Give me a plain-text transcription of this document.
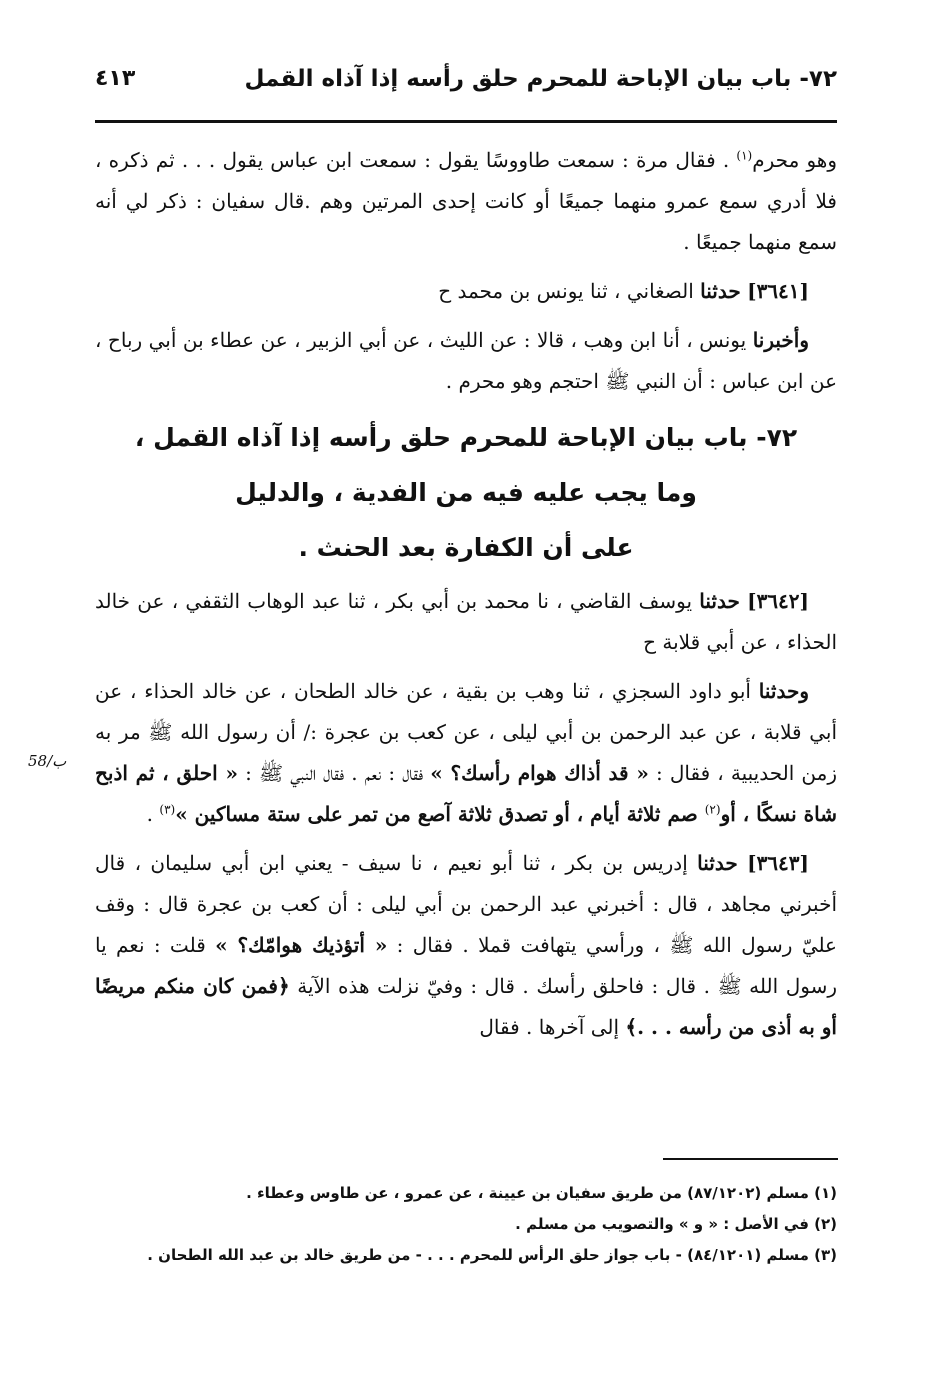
٧٢- باب بيان الإباحة للمحرم حلق رأسه إذا آذاه القمل
٤١٣
58/ب

وهو محرم$^{(١)}$ . فقال مرة : سمعت طاووسًا يقول : سمعت ابن عباس يقول . . . ثم ذكره ، فلا أدري سمع عمرو منهما جميعًا أو كانت إحدى المرتين وهم .قال سفيان : ذكر لي أنه سمع منهما جميعًا .

[٣٦٤١] حدثنا الصغاني ، ثنا يونس بن محمد ح

وأخبرنا يونس ، أنا ابن وهب ، قالا : عن الليث ، عن أبي الزبير ، عن عطاء بن أبي رباح ، عن ابن عباس : أن النبي ﷺ احتجم وهو محرم .

٧٢- باب بيان الإباحة للمحرم حلق رأسه إذا آذاه القمل ،
وما يجب عليه فيه من الفدية ، والدليل
على أن الكفارة بعد الحنث .

[٣٦٤٢] حدثنا يوسف القاضي ، نا محمد بن أبي بكر ، ثنا عبد الوهاب الثقفي ، عن خالد الحذاء ، عن أبي قلابة ح

وحدثنا أبو داود السجزي ، ثنا وهب بن بقية ، عن خالد الطحان ، عن خالد الحذاء ، عن أبي قلابة ، عن عبد الرحمن بن أبي ليلى ، عن كعب بن عجرة :/ أن رسول الله ﷺ مر به زمن الحديبية ، فقال : « قد أذاك هوام رأسك؟ » فقال : نعم . فقال النبي ﷺ : « احلق ، ثم اذبح شاة نسكًا ، أو$^{(٢)}$ صم ثلاثة أيام ، أو تصدق ثلاثة آصع من تمر على ستة مساكين »$^{(٣)}$ .

[٣٦٤٣] حدثنا إدريس بن بكر ، ثنا أبو نعيم ، نا سيف - يعني ابن أبي سليمان ، قال أخبرني مجاهد ، قال : أخبرني عبد الرحمن بن أبي ليلى : أن كعب بن عجرة قال : وقف عليّ رسول الله ﷺ ، ورأسي يتهافت قملا . فقال : « أتؤذيك هوامّك؟ » قلت : نعم يا رسول الله ﷺ . قال : فاحلق رأسك . قال : وفيّ نزلت هذه الآية ﴿فمن كان منكم مريضًا أو به أذى من رأسه . . .﴾ إلى آخرها . فقال

(١) مسلم (٨٧/١٢٠٢) من طريق سفيان بن عيينة ، عن عمرو ، عن طاوس وعطاء .
(٢) في الأصل : « و » والتصويب من مسلم .
(٣) مسلم (٨٤/١٢٠١) - باب جواز حلق الرأس للمحرم . . . - من طريق خالد بن عبد الله الطحان .
